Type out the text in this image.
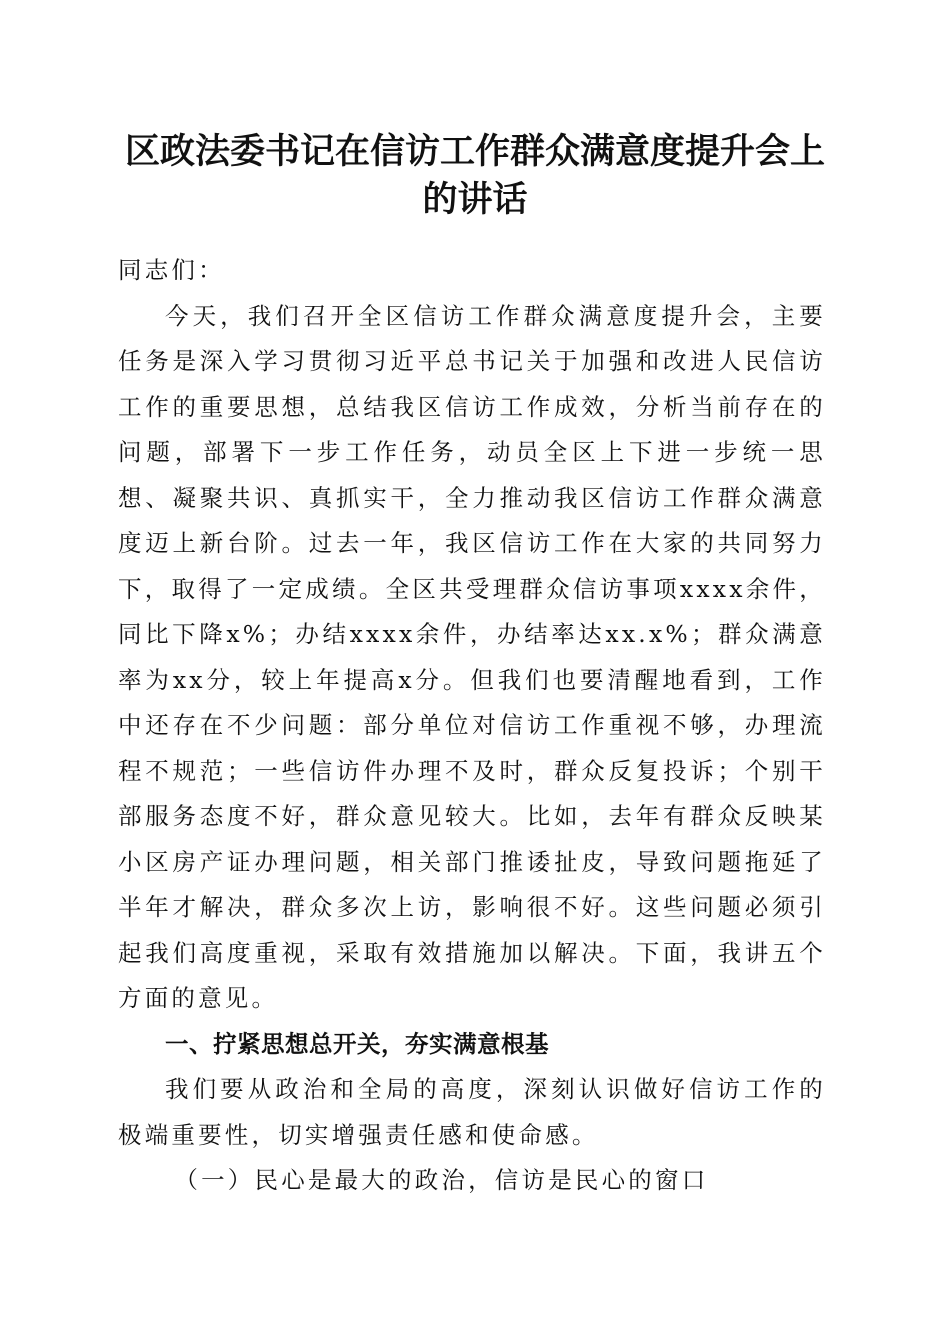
区政法委书记在信访工作群众满意度提升会上
的讲话

同志们：

今天，我们召开全区信访工作群众满意度提升会，主要任务是深入学习贯彻习近平总书记关于加强和改进人民信访工作的重要思想，总结我区信访工作成效，分析当前存在的问题，部署下一步工作任务，动员全区上下进一步统一思想、凝聚共识、真抓实干，全力推动我区信访工作群众满意度迈上新台阶。过去一年，我区信访工作在大家的共同努力下，取得了一定成绩。全区共受理群众信访事项xxxx余件，同比下降x%；办结xxxx余件，办结率达xx.x%；群众满意率为xx分，较上年提高x分。但我们也要清醒地看到，工作中还存在不少问题：部分单位对信访工作重视不够，办理流程不规范；一些信访件办理不及时，群众反复投诉；个别干部服务态度不好，群众意见较大。比如，去年有群众反映某小区房产证办理问题，相关部门推诿扯皮，导致问题拖延了半年才解决，群众多次上访，影响很不好。这些问题必须引起我们高度重视，采取有效措施加以解决。下面，我讲五个方面的意见。

一、拧紧思想总开关，夯实满意根基

我们要从政治和全局的高度，深刻认识做好信访工作的极端重要性，切实增强责任感和使命感。

（一）民心是最大的政治，信访是民心的窗口
